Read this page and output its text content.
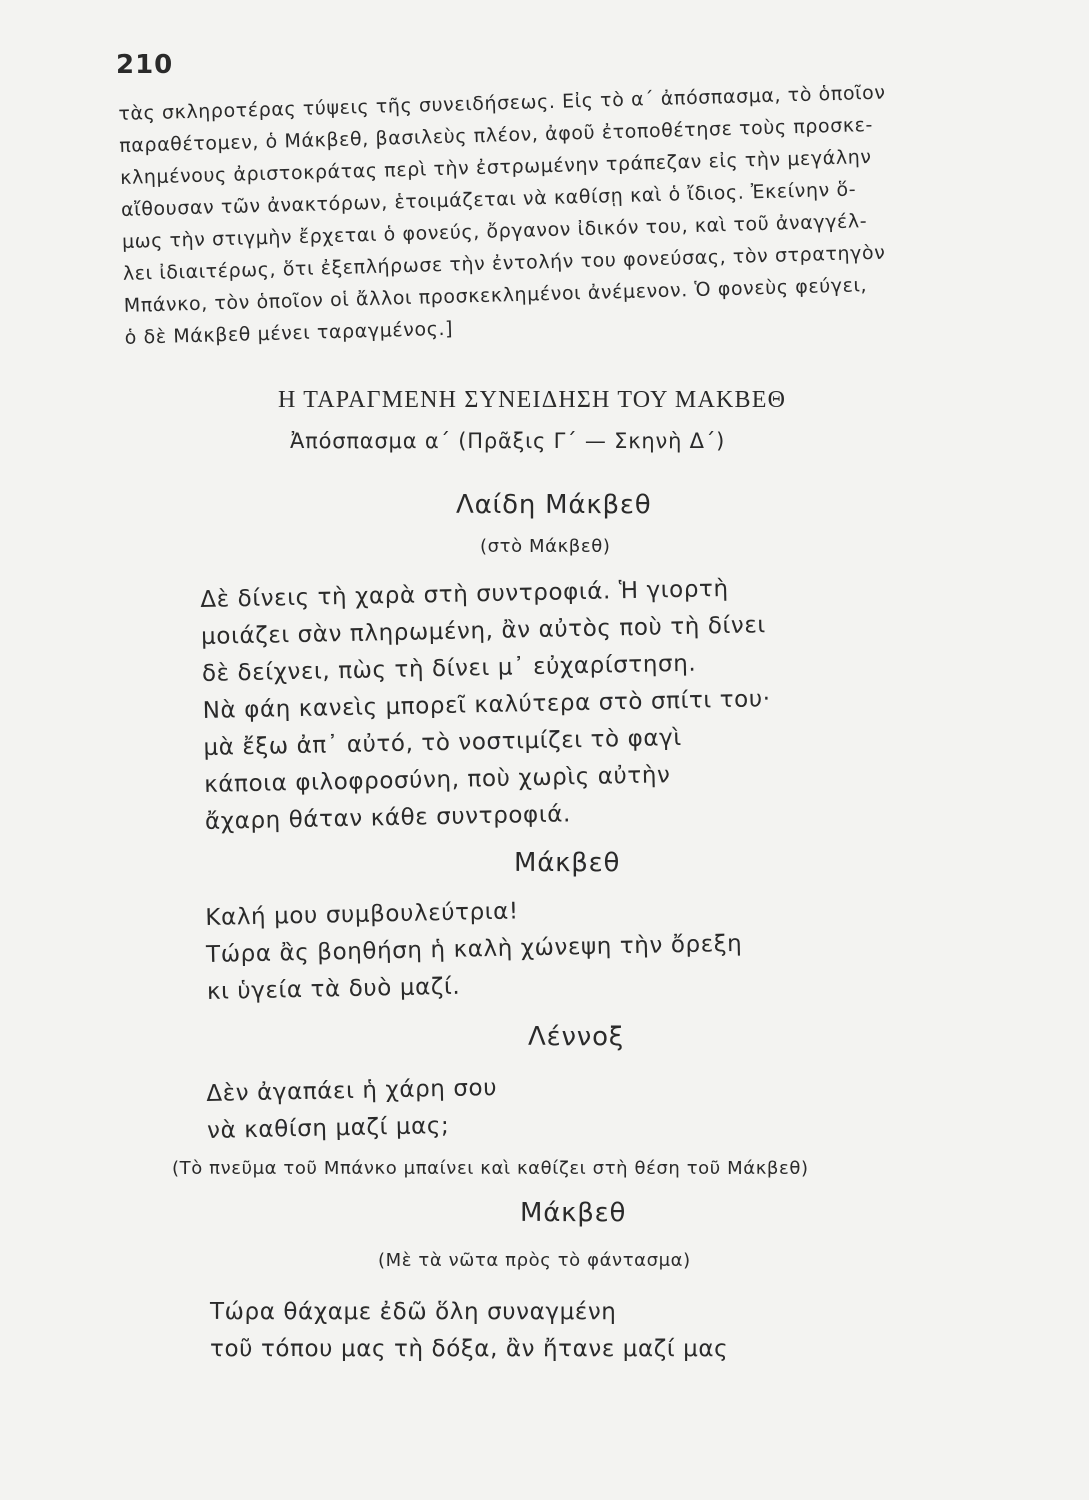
210
τὰς σκληροτέρας τύψεις τῆς συνειδήσεως. Εἰς τὸ α΄ ἀπόσπασμα, τὸ ὁποῖον
παραθέτομεν, ὁ Μάκβεθ, βασιλεὺς πλέον, ἀφοῦ ἐτοποθέτησε τοὺς προσκε-
κλημένους ἀριστοκράτας περὶ τὴν ἐστρωμένην τράπεζαν εἰς τὴν μεγάλην
αἴθουσαν τῶν ἀνακτόρων, ἑτοιμάζεται νὰ καθίσῃ καὶ ὁ ἴδιος. Ἐκείνην ὅ-
μως τὴν στιγμὴν ἔρχεται ὁ φονεύς, ὄργανον ἰδικόν του, καὶ τοῦ ἀναγγέλ-
λει ἰδιαιτέρως, ὅτι ἐξεπλήρωσε τὴν ἐντολήν του φονεύσας, τὸν στρατηγὸν
Μπάνκο, τὸν ὁποῖον οἱ ἄλλοι προσκεκλημένοι ἀνέμενον. Ὁ φονεὺς φεύγει,
ὁ δὲ Μάκβεθ μένει ταραγμένος.]
Η ΤΑΡΑΓΜΕΝΗ ΣΥΝΕΙΔΗΣΗ ΤΟΥ ΜΑΚΒΕΘ
Ἀπόσπασμα α΄ (Πρᾶξις Γ΄ — Σκηνὴ Δ΄)
Λαίδη Μάκβεθ
(στὸ Μάκβεθ)
Δὲ δίνεις τὴ χαρὰ στὴ συντροφιά. Ἡ γιορτὴ
μοιάζει σὰν πληρωμένη, ἂν αὐτὸς ποὺ τὴ δίνει
δὲ δείχνει, πὼς τὴ δίνει μ᾽ εὐχαρίστηση.
Νὰ φάη κανεὶς μπορεῖ καλύτερα στὸ σπίτι του·
μὰ ἔξω ἀπ᾽ αὐτό, τὸ νοστιμίζει τὸ φαγὶ
κάποια φιλοφροσύνη, ποὺ χωρὶς αὐτὴν
ἄχαρη θάταν κάθε συντροφιά.
Μάκβεθ
Καλή μου συμβουλεύτρια!
Τώρα ἂς βοηθήση ἡ καλὴ χώνεψη τὴν ὄρεξη
κι ὑγεία τὰ δυὸ μαζί.
Λέννοξ
Δὲν ἀγαπάει ἡ χάρη σου
νὰ καθίση μαζί μας;
(Τὸ πνεῦμα τοῦ Μπάνκο μπαίνει καὶ καθίζει στὴ θέση τοῦ Μάκβεθ)
Μάκβεθ
(Μὲ τὰ νῶτα πρὸς τὸ φάντασμα)
Τώρα θάχαμε ἐδῶ ὅλη συναγμένη
τοῦ τόπου μας τὴ δόξα, ἂν ἤτανε μαζί μας
